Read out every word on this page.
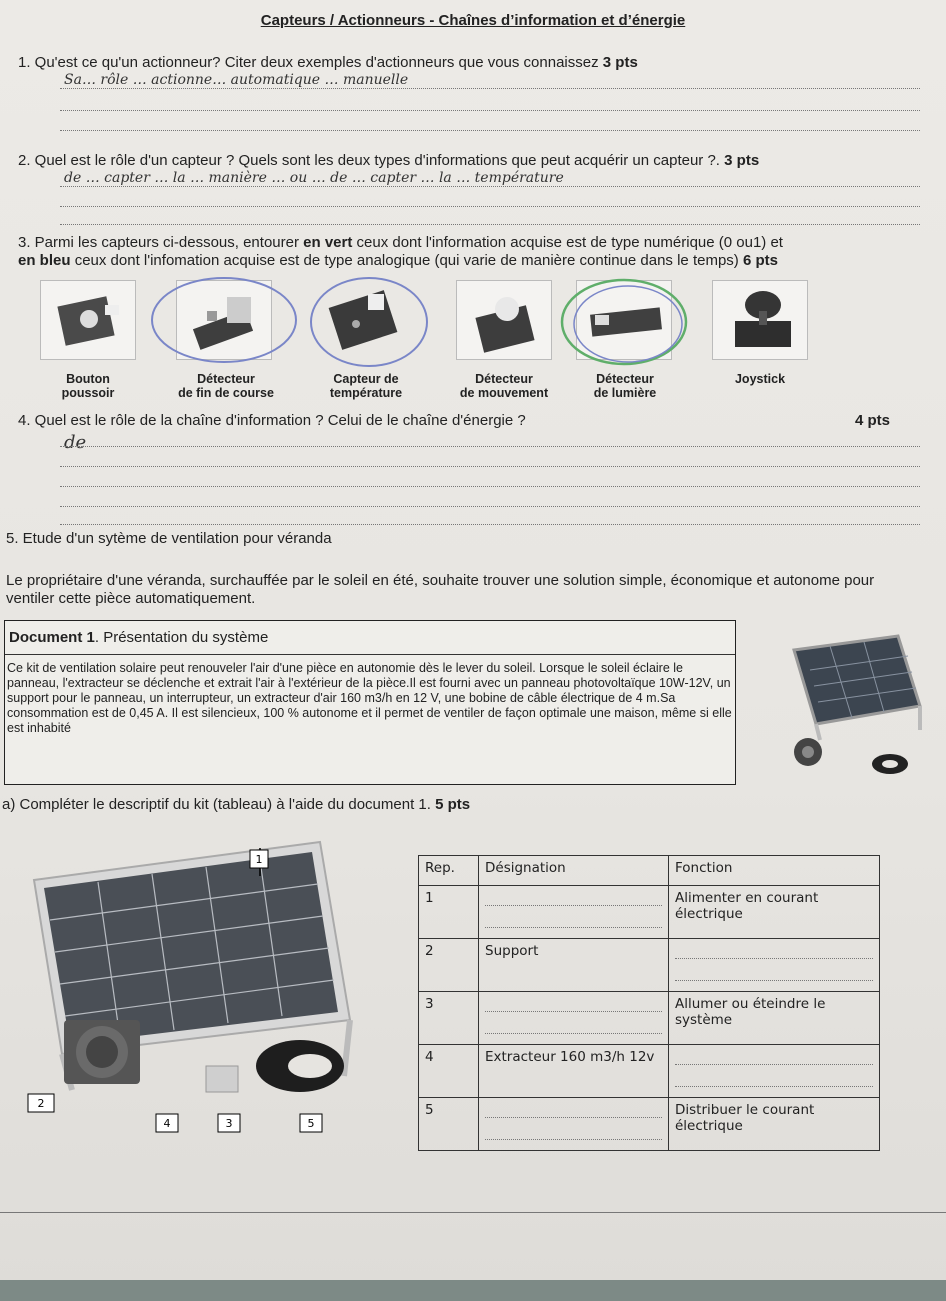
Capteurs / Actionneurs - Chaînes d’information et d’énergie
1. Qu'est ce qu'un actionneur? Citer deux exemples d'actionneurs que vous connaissez 3 pts
Sa… rôle … actionne… automatique … manuelle
2. Quel est le rôle d'un capteur ? Quels sont les deux types d'informations que peut acquérir un capteur ?. 3 pts
de … capter … la … manière … ou … de … capter … la … température
3. Parmi les capteurs ci-dessous, entourer en vert ceux dont l'information acquise est de type numérique (0 ou1) et
en bleu ceux dont l'infomation acquise est de type analogique (qui varie de manière continue dans le temps) 6 pts
Bouton
poussoir
Détecteur
de fin de course
Capteur de
température
Détecteur
de mouvement
Détecteur
de lumière
Joystick
4. Quel est le rôle de la chaîne d'information ? Celui de le chaîne d'énergie ?	4 pts
de
5. Etude d'un sytème de ventilation pour véranda
Le propriétaire d'une véranda, surchauffée par le soleil en été, souhaite trouver une solution simple, économique et autonome pour ventiler cette pièce automatiquement.
Document 1. Présentation du système
Ce kit de ventilation solaire peut renouveler l'air d'une pièce en autonomie dès le lever du soleil. Lorsque le soleil éclaire le panneau, l'extracteur se déclenche et extrait l'air à l'extérieur de la pièce.Il est fourni avec un panneau photovoltaïque 10W-12V, un support pour le panneau, un interrupteur, un extracteur d'air 160 m3/h en 12 V, une bobine de câble électrique de 4 m.Sa consommation est de 0,45 A. Il est silencieux, 100 % autonome et il permet de ventiler de façon optimale une maison, même si elle est inhabité
a) Compléter le descriptif du kit (tableau) à l'aide du document 1. 5 pts
1
2
3
4	5
Rep.	Désignation	Fonction
1		Alimenter en courant électrique
2	Support	

3		Allumer ou éteindre le système
4	Extracteur 160 m3/h 12v	

5		Distribuer le courant électrique
